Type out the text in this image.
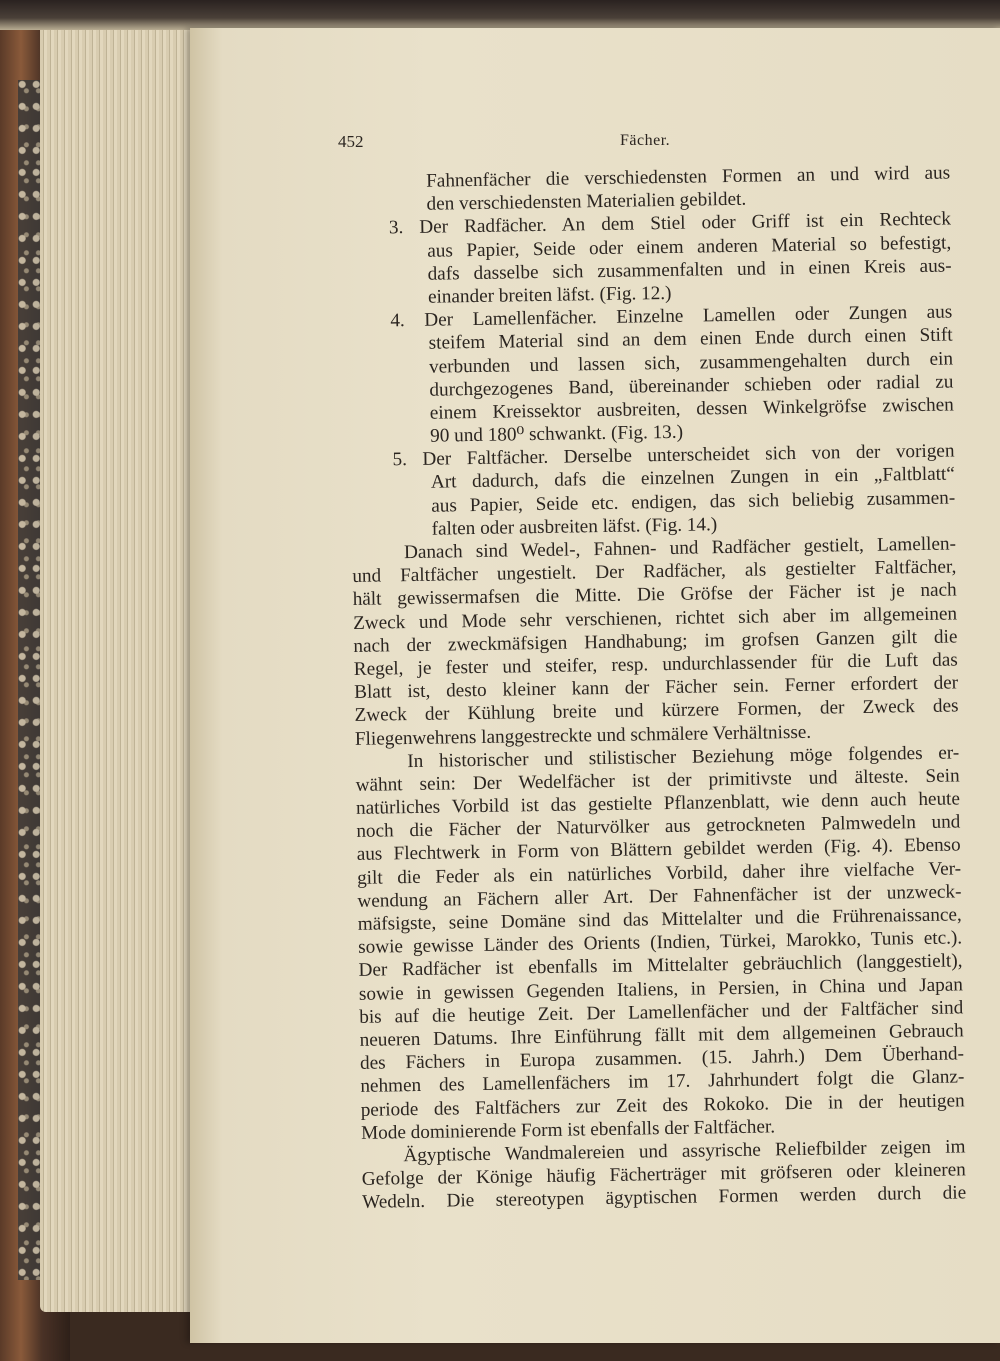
452	Fächer.
Fahnenfächer die verschiedensten Formen an und wird aus
den verschiedensten Materialien gebildet.
3. Der Radfächer. An dem Stiel oder Griff ist ein Rechteck
aus Papier, Seide oder einem anderen Material so befestigt,
dafs dasselbe sich zusammenfalten und in einen Kreis aus-
einander breiten läfst. (Fig. 12.)
4. Der Lamellenfächer. Einzelne Lamellen oder Zungen aus
steifem Material sind an dem einen Ende durch einen Stift
verbunden und lassen sich, zusammengehalten durch ein
durchgezogenes Band, übereinander schieben oder radial zu
einem Kreissektor ausbreiten, dessen Winkelgröfse zwischen
90 und 180⁰ schwankt. (Fig. 13.)
5. Der Faltfächer. Derselbe unterscheidet sich von der vorigen
Art dadurch, dafs die einzelnen Zungen in ein „Faltblatt“
aus Papier, Seide etc. endigen, das sich beliebig zusammen-
falten oder ausbreiten läfst. (Fig. 14.)
Danach sind Wedel-, Fahnen- und Radfächer gestielt, Lamellen-
und Faltfächer ungestielt. Der Radfächer, als gestielter Faltfächer,
hält gewissermafsen die Mitte. Die Gröfse der Fächer ist je nach
Zweck und Mode sehr verschienen, richtet sich aber im allgemeinen
nach der zweckmäfsigen Handhabung; im grofsen Ganzen gilt die
Regel, je fester und steifer, resp. undurchlassender für die Luft das
Blatt ist, desto kleiner kann der Fächer sein. Ferner erfordert der
Zweck der Kühlung breite und kürzere Formen, der Zweck des
Fliegenwehrens langgestreckte und schmälere Verhältnisse.
In historischer und stilistischer Beziehung möge folgendes er-
wähnt sein: Der Wedelfächer ist der primitivste und älteste. Sein
natürliches Vorbild ist das gestielte Pflanzenblatt, wie denn auch heute
noch die Fächer der Naturvölker aus getrockneten Palmwedeln und
aus Flechtwerk in Form von Blättern gebildet werden (Fig. 4). Ebenso
gilt die Feder als ein natürliches Vorbild, daher ihre vielfache Ver-
wendung an Fächern aller Art. Der Fahnenfächer ist der unzweck-
mäfsigste, seine Domäne sind das Mittelalter und die Frührenaissance,
sowie gewisse Länder des Orients (Indien, Türkei, Marokko, Tunis etc.).
Der Radfächer ist ebenfalls im Mittelalter gebräuchlich (langgestielt),
sowie in gewissen Gegenden Italiens, in Persien, in China und Japan
bis auf die heutige Zeit. Der Lamellenfächer und der Faltfächer sind
neueren Datums. Ihre Einführung fällt mit dem allgemeinen Gebrauch
des Fächers in Europa zusammen. (15. Jahrh.) Dem Überhand-
nehmen des Lamellenfächers im 17. Jahrhundert folgt die Glanz-
periode des Faltfächers zur Zeit des Rokoko. Die in der heutigen
Mode dominierende Form ist ebenfalls der Faltfächer.
Ägyptische Wandmalereien und assyrische Reliefbilder zeigen im
Gefolge der Könige häufig Fächerträger mit gröfseren oder kleineren
Wedeln. Die stereotypen ägyptischen Formen werden durch die
